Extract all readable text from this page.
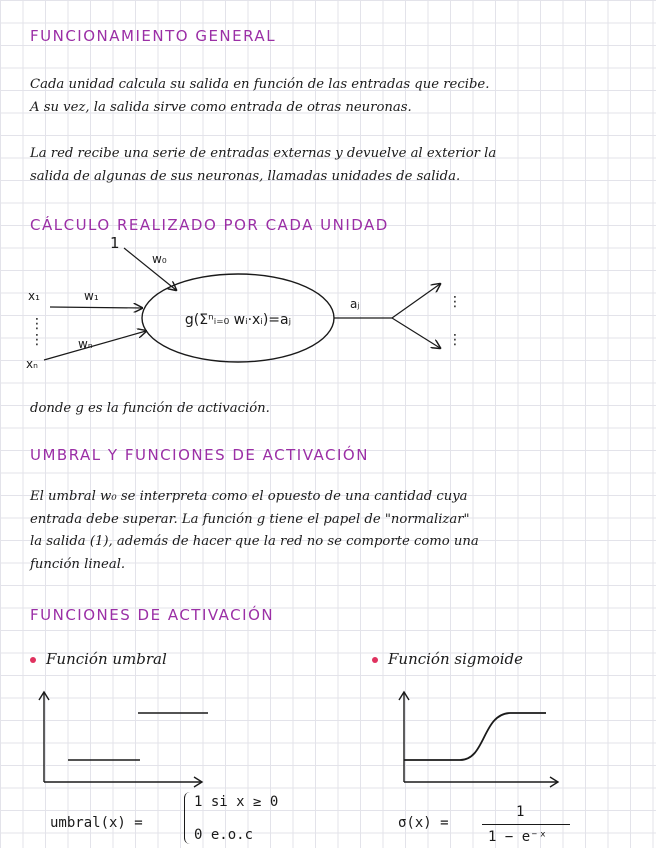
FUNCIONAMIENTO GENERAL
Cada unidad calcula su salida en función de las entradas que recibe.
A su vez, la salida sirve como entrada de otras neuronas.
La red recibe una serie de entradas externas y devuelve al exterior la
salida de algunas de sus neuronas, llamadas unidades de salida.
CÁLCULO REALIZADO POR CADA UNIDAD
1
w₀
x₁	w₁
⋮
⋮
xₙ
wₙ
g(Σⁿᵢ₌₀ wᵢ·xᵢ)=aⱼ
aⱼ	⋮
⋮
donde g es la función de activación.
UMBRAL Y FUNCIONES DE ACTIVACIÓN
El umbral w₀ se interpreta como el opuesto de una cantidad cuya
entrada debe superar. La función g tiene el papel de "normalizar"
la salida (1), además de hacer que la red no se comporte como una
función lineal.
FUNCIONES DE ACTIVACIÓN
Función umbral	Función sigmoide
umbral(x) =
1 si x ≥ 0
0 e.o.c
σ(x) =
1
1 − e⁻ˣ
